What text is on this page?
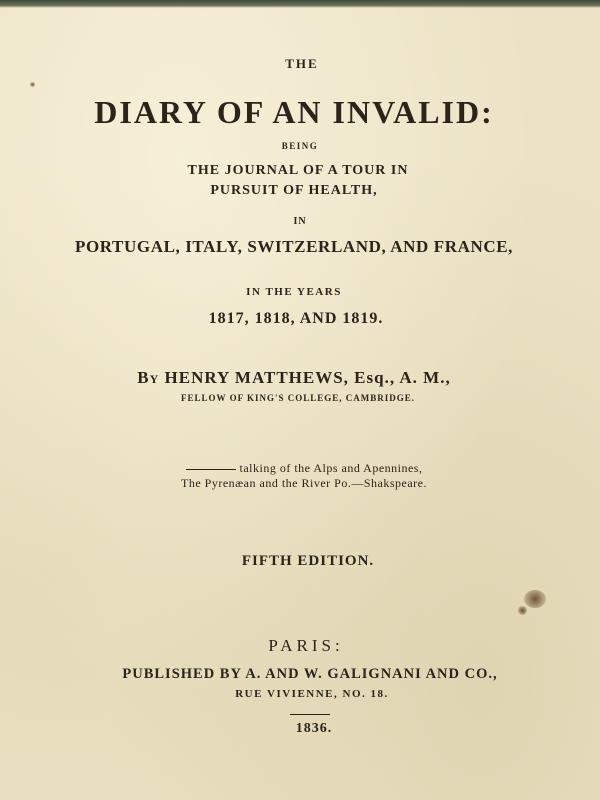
THE
DIARY OF AN INVALID:
BEING
THE JOURNAL OF A TOUR IN
PURSUIT OF HEALTH,
IN
PORTUGAL, ITALY, SWITZERLAND, AND FRANCE,
IN THE YEARS
1817, 1818, AND 1819.
By HENRY MATTHEWS, Esq., A. M.,
FELLOW OF KING'S COLLEGE, CAMBRIDGE.
talking of the Alps and Apennines,
The Pyrenæan and the River Po.—Shakspeare.
FIFTH EDITION.
PARIS:
PUBLISHED BY A. AND W. GALIGNANI AND CO.,
RUE VIVIENNE, NO. 18.
1836.
